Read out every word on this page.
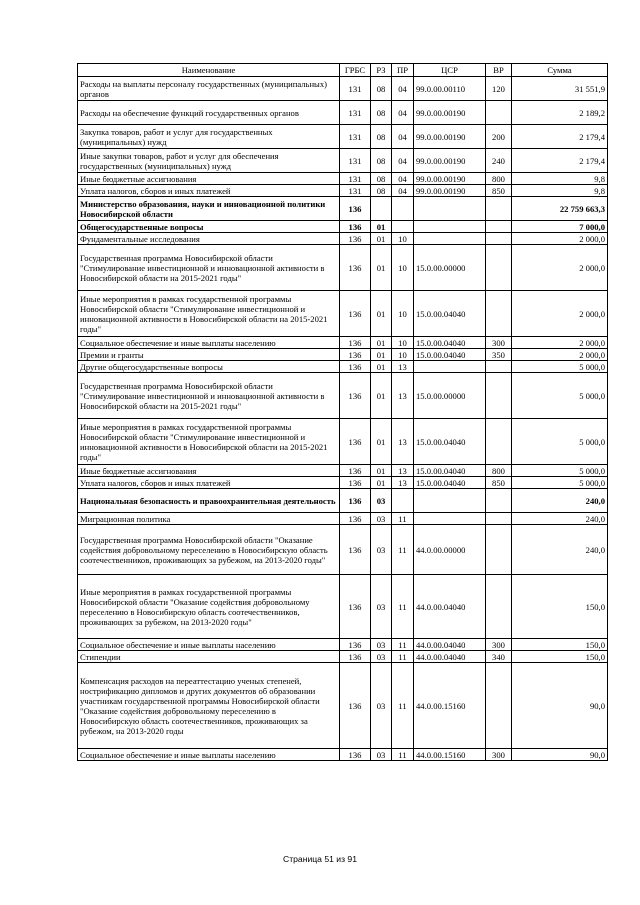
Наименование	ГРБС	РЗ	ПР	ЦСР	ВР	Сумма
Расходы на выплаты персоналу государственных (муниципальных) органов	131	08	04	99.0.00.00110	120	31 551,9
Расходы на обеспечение функций государственных органов	131	08	04	99.0.00.00190		2 189,2
Закупка товаров, работ и услуг для государственных (муниципальных) нужд	131	08	04	99.0.00.00190	200	2 179,4
Иные закупки товаров, работ и услуг для обеспечения государственных (муниципальных) нужд	131	08	04	99.0.00.00190	240	2 179,4
Иные бюджетные ассигнования	131	08	04	99.0.00.00190	800	9,8
Уплата налогов, сборов и иных платежей	131	08	04	99.0.00.00190	850	9,8
Министерство образования, науки и инновационной политики Новосибирской области	136					22 759 663,3
Общегосударственные вопросы	136	01				7 000,0
Фундаментальные исследования	136	01	10			2 000,0
Государственная программа Новосибирской области "Стимулирование инвестиционной и инновационной активности в Новосибирской области на 2015-2021 годы"	136	01	10	15.0.00.00000		2 000,0
Иные мероприятия в рамках государственной программы Новосибирской области "Стимулирование инвестиционной и инновационной активности в Новосибирской области на 2015-2021 годы"	136	01	10	15.0.00.04040		2 000,0
Социальное обеспечение и иные выплаты населению	136	01	10	15.0.00.04040	300	2 000,0
Премии и гранты	136	01	10	15.0.00.04040	350	2 000,0
Другие общегосударственные вопросы	136	01	13			5 000,0
Государственная программа Новосибирской области "Стимулирование инвестиционной и инновационной активности в Новосибирской области на 2015-2021 годы"	136	01	13	15.0.00.00000		5 000,0
Иные мероприятия в рамках государственной программы Новосибирской области "Стимулирование инвестиционной и инновационной активности в Новосибирской области на 2015-2021 годы"	136	01	13	15.0.00.04040		5 000,0
Иные бюджетные ассигнования	136	01	13	15.0.00.04040	800	5 000,0
Уплата налогов, сборов и иных платежей	136	01	13	15.0.00.04040	850	5 000,0
Национальная безопасность и правоохранительная деятельность	136	03				240,0
Миграционная политика	136	03	11			240,0
Государственная программа Новосибирской области "Оказание содействия добровольному переселению в Новосибирскую область соотечественников, проживающих за рубежом, на 2013-2020 годы"	136	03	11	44.0.00.00000		240,0
Иные мероприятия в рамках государственной программы Новосибирской области "Оказание содействия добровольному переселению в Новосибирскую область соотечественников, проживающих за рубежом, на 2013-2020 годы"	136	03	11	44.0.00.04040		150,0
Социальное обеспечение и иные выплаты населению	136	03	11	44.0.00.04040	300	150,0
Стипендии	136	03	11	44.0.00.04040	340	150,0
Компенсация расходов на переаттестацию ученых степеней, нострификацию дипломов и других документов об образовании участникам государственной программы Новосибирской области "Оказание содействия добровольному переселению в Новосибирскую область соотечественников, проживающих за рубежом, на 2013-2020 годы	136	03	11	44.0.00.15160		90,0
Социальное обеспечение и иные выплаты населению	136	03	11	44.0.00.15160	300	90,0
Страница 51 из 91
